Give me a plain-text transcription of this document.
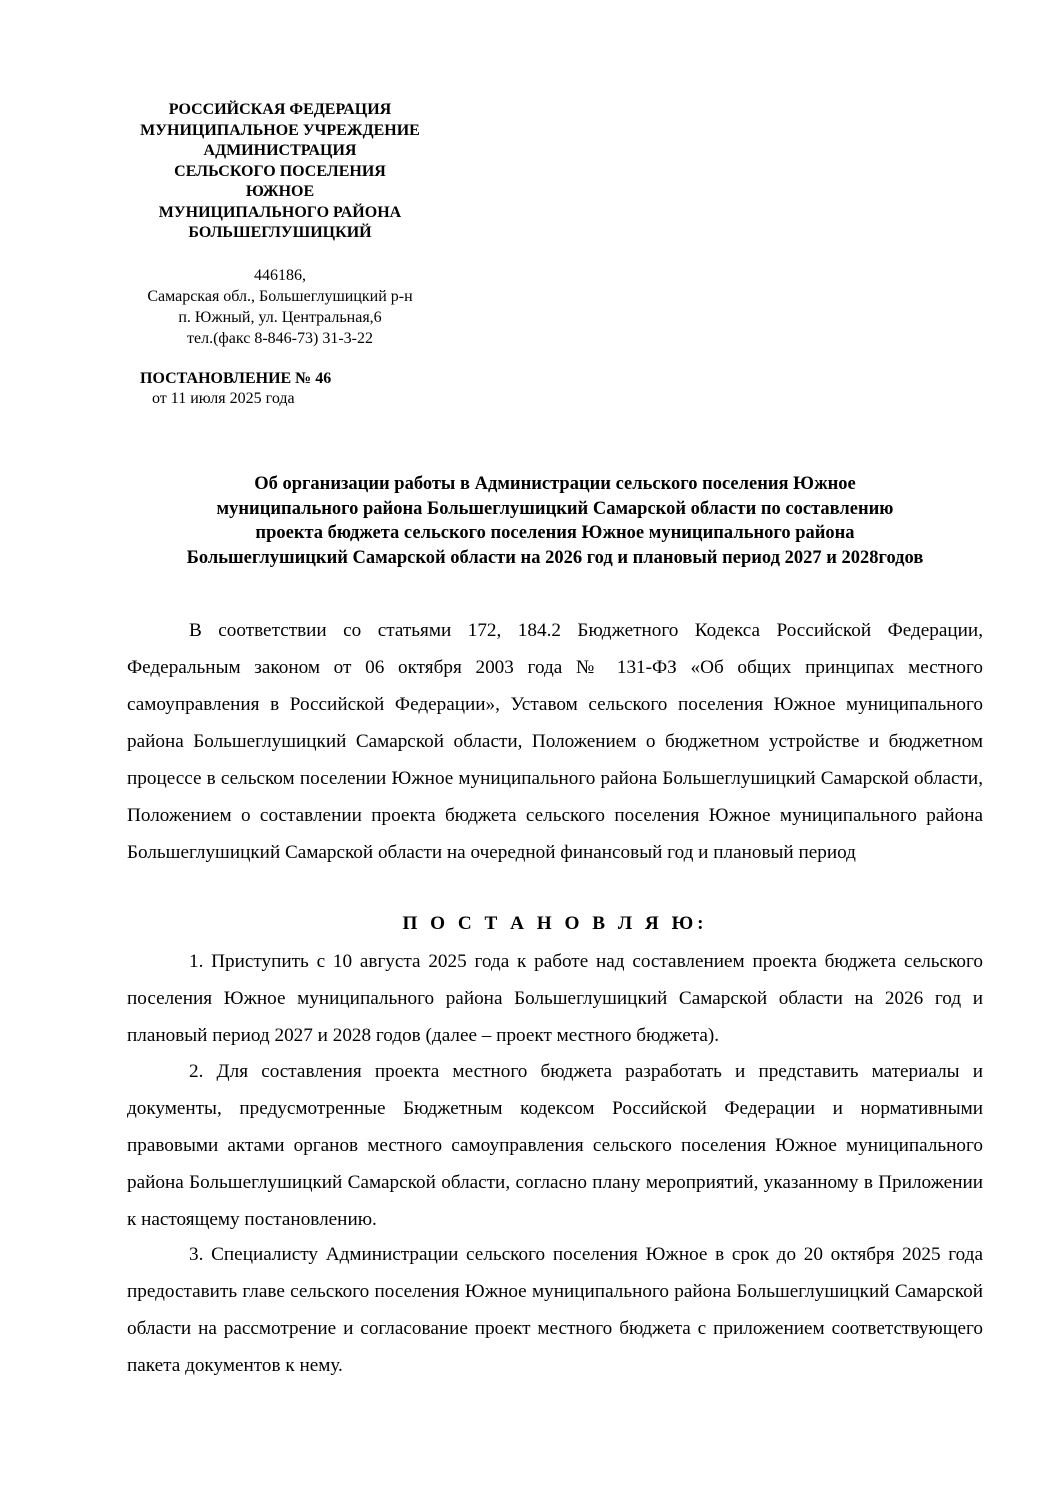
РОССИЙСКАЯ ФЕДЕРАЦИЯ
МУНИЦИПАЛЬНОЕ УЧРЕЖДЕНИЕ
АДМИНИСТРАЦИЯ
СЕЛЬСКОГО ПОСЕЛЕНИЯ
ЮЖНОЕ
МУНИЦИПАЛЬНОГО РАЙОНА
БОЛЬШЕГЛУШИЦКИЙ
446186,
Самарская обл., Большеглушицкий р-н
п. Южный, ул. Центральная,6
тел.(факс 8-846-73) 31-3-22
ПОСТАНОВЛЕНИЕ № 46
от 11 июля 2025 года
Об организации работы в Администрации сельского поселения Южное
муниципального района Большеглушицкий Самарской области по составлению
проекта бюджета сельского поселения Южное муниципального района
Большеглушицкий Самарской области на 2026 год и плановый период 2027 и 2028годов

В соответствии со статьями 172, 184.2 Бюджетного Кодекса Российской Федерации, Федеральным законом от 06 октября 2003 года № 131-ФЗ «Об общих принципах местного самоуправления в Российской Федерации», Уставом сельского поселения Южное муниципального района Большеглушицкий Самарской области, Положением о бюджетном устройстве и бюджетном процессе в сельском поселении Южное муниципального района Большеглушицкий Самарской области, Положением о составлении проекта бюджета сельского поселения Южное муниципального района Большеглушицкий Самарской области на очередной финансовый год и плановый период

П О С Т А Н О В Л Я Ю:

1. Приступить с 10 августа 2025 года к работе над составлением проекта бюджета сельского поселения Южное муниципального района Большеглушицкий Самарской области на 2026 год и плановый период 2027 и 2028 годов (далее – проект местного бюджета).

2. Для составления проекта местного бюджета разработать и представить материалы и документы, предусмотренные Бюджетным кодексом Российской Федерации и нормативными правовыми актами органов местного самоуправления сельского поселения Южное муниципального района Большеглушицкий Самарской области, согласно плану мероприятий, указанному в Приложении к настоящему постановлению.

3. Специалисту Администрации сельского поселения Южное в срок до 20 октября 2025 года предоставить главе сельского поселения Южное муниципального района Большеглушицкий Самарской области на рассмотрение и согласование проект местного бюджета с приложением соответствующего пакета документов к нему.
